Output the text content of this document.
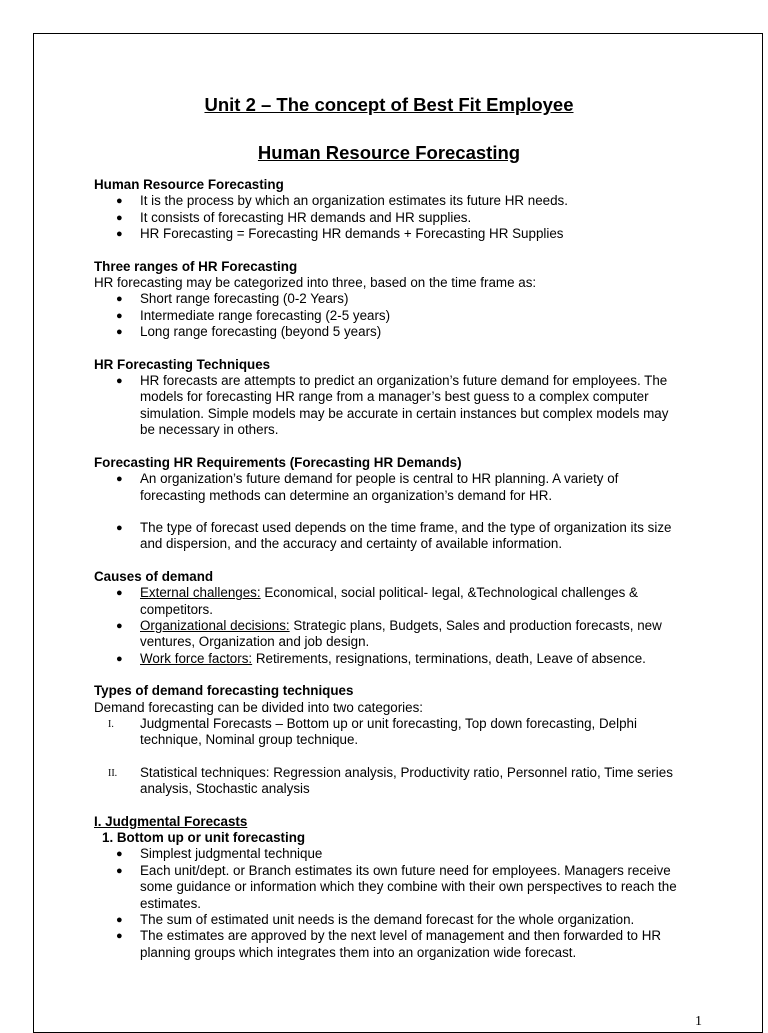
Unit 2 – The concept of Best Fit Employee
Human Resource Forecasting
Human Resource Forecasting
● It is the process by which an organization estimates its future HR needs.
● It consists of forecasting HR demands and HR supplies.
● HR Forecasting = Forecasting HR demands + Forecasting HR Supplies
Three ranges of HR Forecasting
HR forecasting may be categorized into three, based on the time frame as:
● Short range forecasting (0-2 Years)
● Intermediate range forecasting (2-5 years)
● Long range forecasting (beyond 5 years)
HR Forecasting Techniques
● HR forecasts are attempts to predict an organization’s future demand for employees. The models for forecasting HR range from a manager’s best guess to a complex computer simulation. Simple models may be accurate in certain instances but complex models may be necessary in others.
Forecasting HR Requirements (Forecasting HR Demands)
● An organization’s future demand for people is central to HR planning. A variety of forecasting methods can determine an organization’s demand for HR.
● The type of forecast used depends on the time frame, and the type of organization its size and dispersion, and the accuracy and certainty of available information.
Causes of demand
● External challenges: Economical, social political- legal, &Technological challenges & competitors.
● Organizational decisions: Strategic plans, Budgets, Sales and production forecasts, new ventures, Organization and job design.
● Work force factors: Retirements, resignations, terminations, death, Leave of absence.
Types of demand forecasting techniques
Demand forecasting can be divided into two categories:
I. Judgmental Forecasts – Bottom up or unit forecasting, Top down forecasting, Delphi technique, Nominal group technique.
II. Statistical techniques: Regression analysis, Productivity ratio, Personnel ratio, Time series analysis, Stochastic analysis
I. Judgmental Forecasts
1. Bottom up or unit forecasting
● Simplest judgmental technique
● Each unit/dept. or Branch estimates its own future need for employees. Managers receive some guidance or information which they combine with their own perspectives to reach the estimates.
● The sum of estimated unit needs is the demand forecast for the whole organization.
● The estimates are approved by the next level of management and then forwarded to HR planning groups which integrates them into an organization wide forecast.
1
